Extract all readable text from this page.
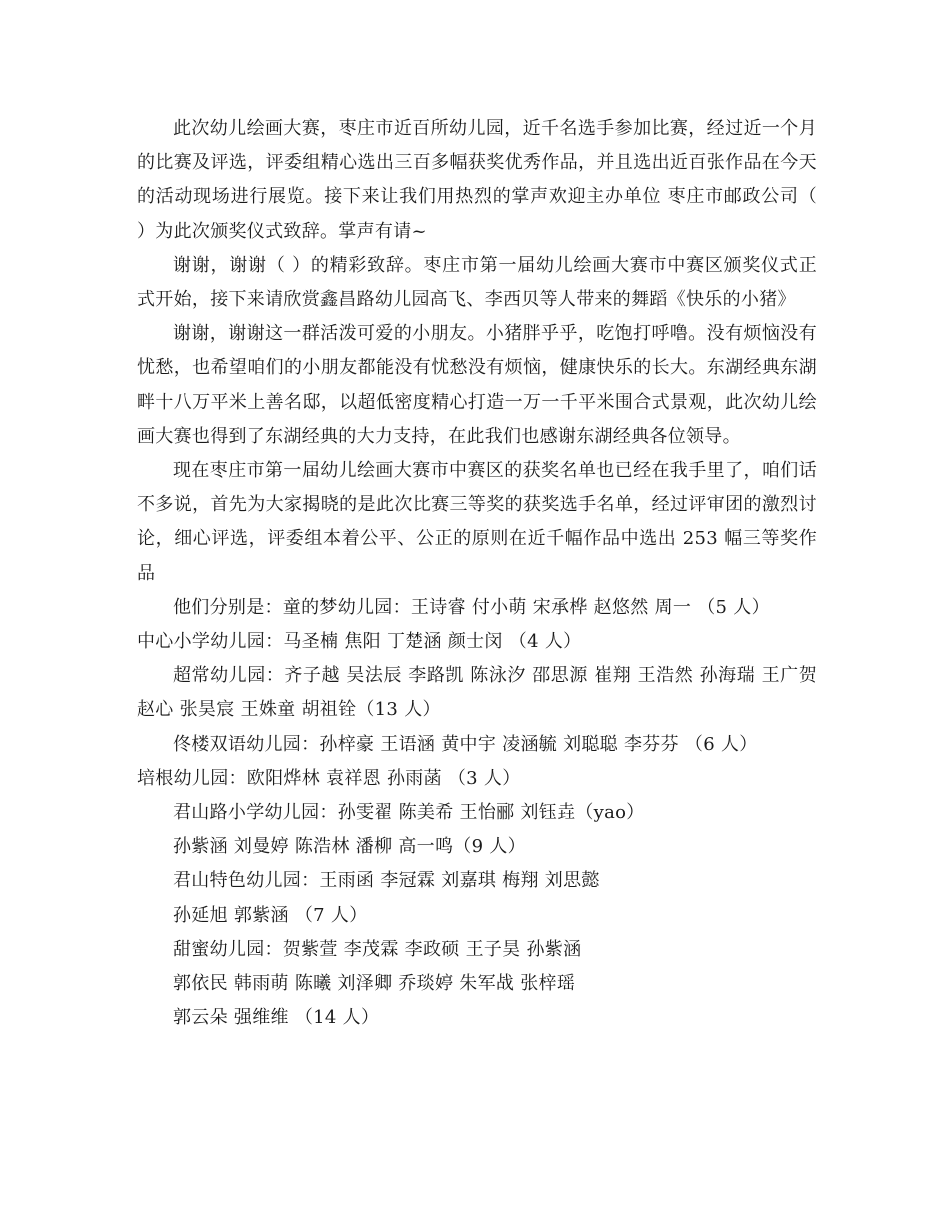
此次幼儿绘画大赛，枣庄市近百所幼儿园，近千名选手参加比赛，经过近一个月的比赛及评选，评委组精心选出三百多幅获奖优秀作品，并且选出近百张作品在今天的活动现场进行展览。接下来让我们用热烈的掌声欢迎主办单位 枣庄市邮政公司（ ）为此次颁奖仪式致辞。掌声有请~

谢谢，谢谢（ ）的精彩致辞。枣庄市第一届幼儿绘画大赛市中赛区颁奖仪式正式开始，接下来请欣赏鑫昌路幼儿园高飞、李西贝等人带来的舞蹈《快乐的小猪》

谢谢，谢谢这一群活泼可爱的小朋友。小猪胖乎乎，吃饱打呼噜。没有烦恼没有忧愁，也希望咱们的小朋友都能没有忧愁没有烦恼，健康快乐的长大。东湖经典东湖畔十八万平米上善名邸，以超低密度精心打造一万一千平米围合式景观，此次幼儿绘画大赛也得到了东湖经典的大力支持，在此我们也感谢东湖经典各位领导。

现在枣庄市第一届幼儿绘画大赛市中赛区的获奖名单也已经在我手里了，咱们话不多说，首先为大家揭晓的是此次比赛三等奖的获奖选手名单，经过评审团的激烈讨论，细心评选，评委组本着公平、公正的原则在近千幅作品中选出 253 幅三等奖作品

他们分别是：童的梦幼儿园：王诗睿 付小萌 宋承桦 赵悠然 周一 （5 人）

中心小学幼儿园：马圣楠 焦阳 丁楚涵 颜士闵 （4 人）

超常幼儿园：齐子越 吴法辰 李路凯 陈泳汐 邵思源 崔翔 王浩然 孙海瑞 王广贺 赵心 张昊宸 王姝童 胡祖铨（13 人）

佟楼双语幼儿园：孙梓豪 王语涵 黄中宇 凌涵毓 刘聪聪 李芬芬 （6 人）

培根幼儿园：欧阳烨林 袁祥恩 孙雨菡 （3 人）

君山路小学幼儿园：孙雯翟 陈美希 王怡郦 刘钰垚（yao）

孙紫涵 刘曼婷 陈浩林 潘柳 高一鸣（9 人）

君山特色幼儿园：王雨函 李冠霖 刘嘉琪 梅翔 刘思懿

孙延旭 郭紫涵 （7 人）

甜蜜幼儿园：贺紫萱 李茂霖 李政硕 王子昊 孙紫涵

郭依民 韩雨萌 陈曦 刘泽卿 乔琰婷 朱军战 张梓瑶

郭云朵 强维维 （14 人）
